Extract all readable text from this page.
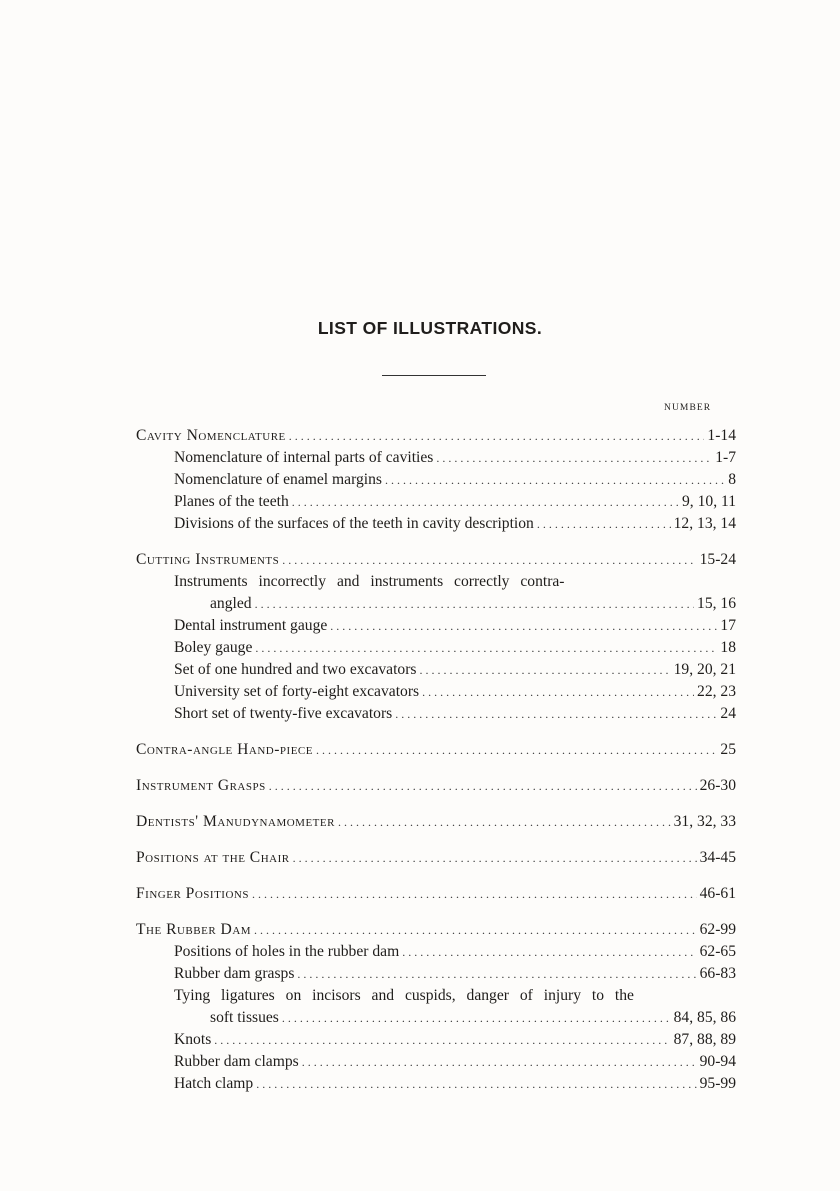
LIST OF ILLUSTRATIONS.
NUMBER
Cavity Nomenclature . . .	1-14
Nomenclature of internal parts of cavities . . .	1-7
Nomenclature of enamel margins . . .	8
Planes of the teeth . . .	9, 10, 11
Divisions of the surfaces of the teeth in cavity description . . .	12, 13, 14
Cutting Instruments . . .	15-24
Instruments incorrectly and instruments correctly contra-
angled . . .	15, 16
Dental instrument gauge . . .	17
Boley gauge . . .	18
Set of one hundred and two excavators . . .	19, 20, 21
University set of forty-eight excavators . . .	22, 23
Short set of twenty-five excavators . . .	24
Contra-angle Hand-piece . . .	25
Instrument Grasps . . .	26-30
Dentists' Manudynamometer . . .	31, 32, 33
Positions at the Chair . . .	34-45
Finger Positions . . .	46-61
The Rubber Dam . . .	62-99
Positions of holes in the rubber dam . . .	62-65
Rubber dam grasps . . .	66-83
Tying ligatures on incisors and cuspids, danger of injury to the
soft tissues . . .	84, 85, 86
Knots . . .	87, 88, 89
Rubber dam clamps . . .	90-94
Hatch clamp . . .	95-99
